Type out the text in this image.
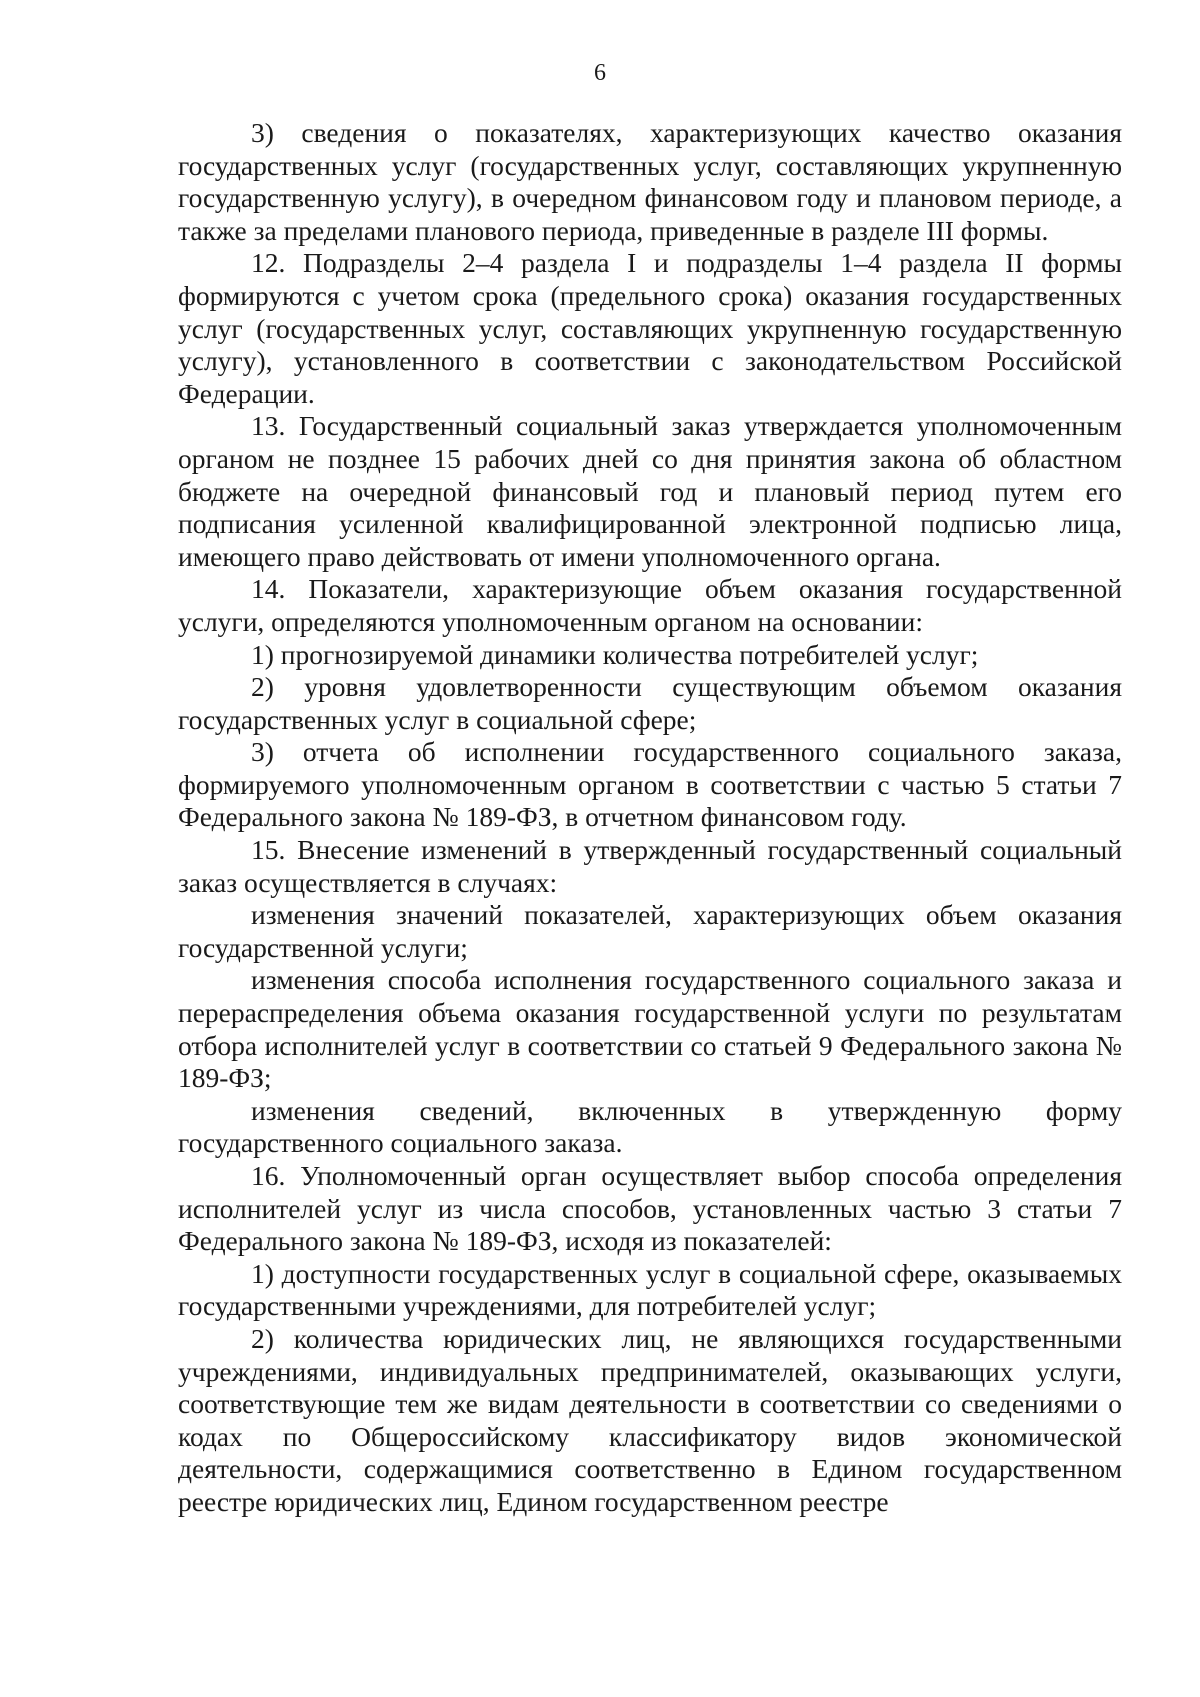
6

3) сведения о показателях, характеризующих качество оказания государственных услуг (государственных услуг, составляющих укрупненную государственную услугу), в очередном финансовом году и плановом периоде, а также за пределами планового периода, приведенные в разделе III формы.

12. Подразделы 2–4 раздела I и подразделы 1–4 раздела II формы формируются с учетом срока (предельного срока) оказания государственных услуг (государственных услуг, составляющих укрупненную государственную услугу), установленного в соответствии с законодательством Российской Федерации.

13. Государственный социальный заказ утверждается уполномоченным органом не позднее 15 рабочих дней со дня принятия закона об областном бюджете на очередной финансовый год и плановый период путем его подписания усиленной квалифицированной электронной подписью лица, имеющего право действовать от имени уполномоченного органа.

14. Показатели, характеризующие объем оказания государственной услуги, определяются уполномоченным органом на основании:

1) прогнозируемой динамики количества потребителей услуг;

2) уровня удовлетворенности существующим объемом оказания государственных услуг в социальной сфере;

3) отчета об исполнении государственного социального заказа, формируемого уполномоченным органом в соответствии с частью 5 статьи 7 Федерального закона № 189-ФЗ, в отчетном финансовом году.

15. Внесение изменений в утвержденный государственный социальный заказ осуществляется в случаях:

изменения значений показателей, характеризующих объем оказания государственной услуги;

изменения способа исполнения государственного социального заказа и перераспределения объема оказания государственной услуги по результатам отбора исполнителей услуг в соответствии со статьей 9 Федерального закона № 189-ФЗ;

изменения сведений, включенных в утвержденную форму государственного социального заказа.

16. Уполномоченный орган осуществляет выбор способа определения исполнителей услуг из числа способов, установленных частью 3 статьи 7 Федерального закона № 189-ФЗ, исходя из показателей:

1) доступности государственных услуг в социальной сфере, оказываемых государственными учреждениями, для потребителей услуг;

2) количества юридических лиц, не являющихся государственными учреждениями, индивидуальных предпринимателей, оказывающих услуги, соответствующие тем же видам деятельности в соответствии со сведениями о кодах по Общероссийскому классификатору видов экономической деятельности, содержащимися соответственно в Едином государственном реестре юридических лиц, Едином государственном реестре
